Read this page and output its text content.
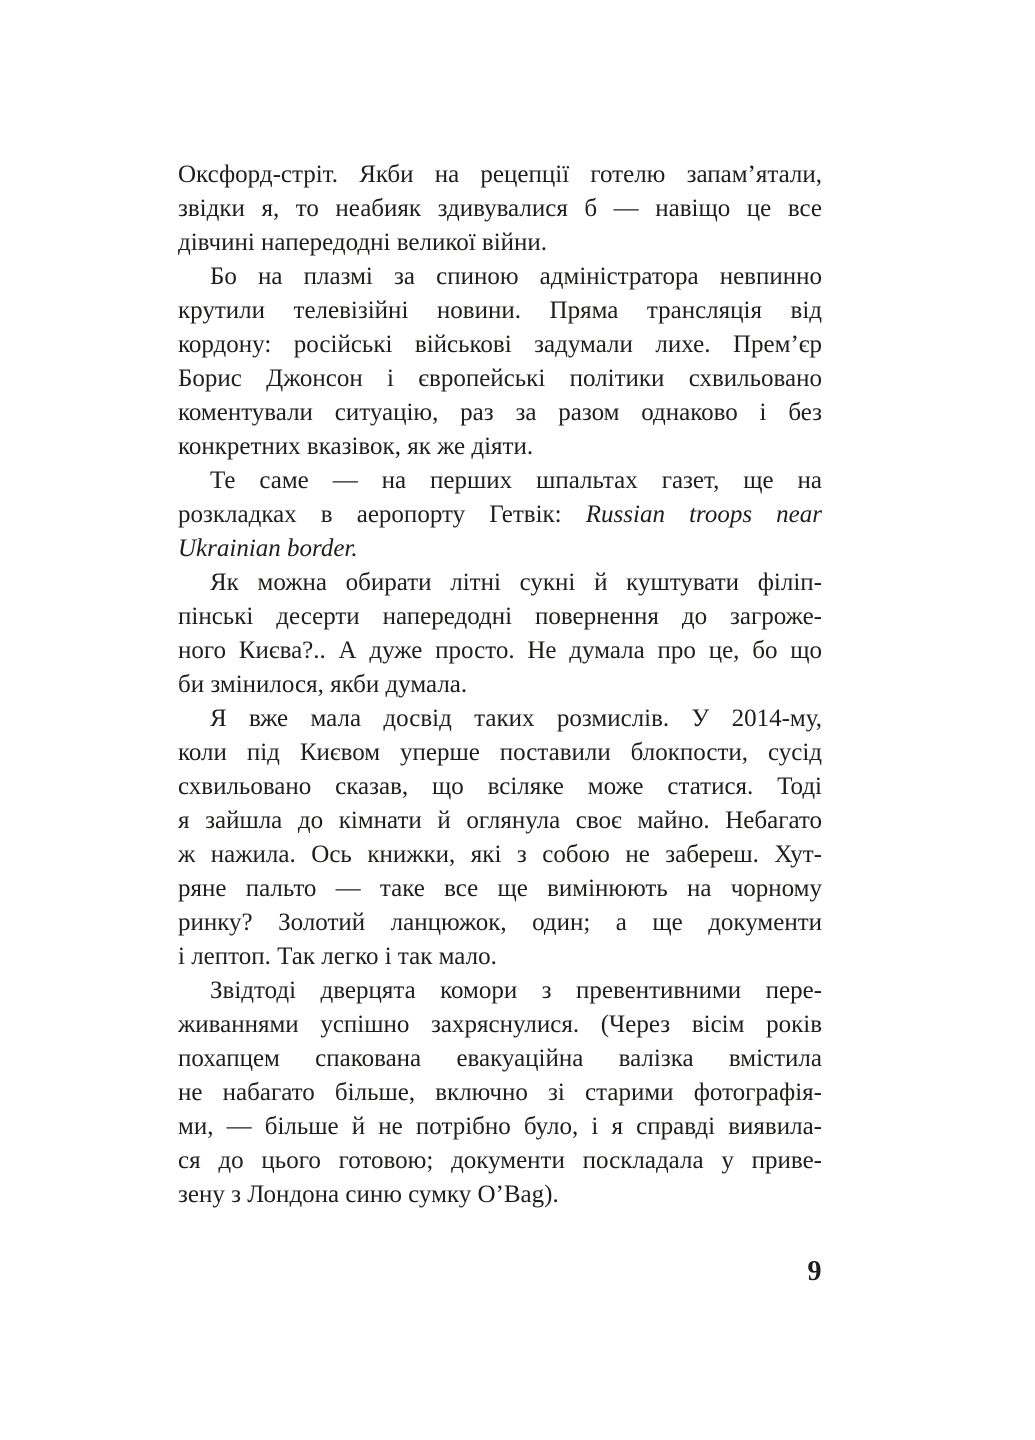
Оксфорд-стріт. Якби на рецепції готелю запам’ятали,
звідки я, то неабияк здивувалися б — навіщо це все
дівчині напередодні великої війни.
Бо на плазмі за спиною адміністратора невпинно
крутили телевізійні новини. Пряма трансляція від
кордону: російські військові задумали лихе. Прем’єр
Борис Джонсон і європейські політики схвильовано
коментували ситуацію, раз за разом однаково і без
конкретних вказівок, як же діяти.
Те саме — на перших шпальтах газет, ще на
розкладках в аеропорту Гетвік: Russian troops near
Ukrainian border.
Як можна обирати літні сукні й куштувати філіп-
пінські десерти напередодні повернення до загроже-
ного Києва?.. А дуже просто. Не думала про це, бо що
би змінилося, якби думала.
Я вже мала досвід таких розмислів. У 2014-му,
коли під Києвом уперше поставили блокпости, сусід
схвильовано сказав, що всіляке може статися. Тоді
я зайшла до кімнати й оглянула своє майно. Небагато
ж нажила. Ось книжки, які з собою не забереш. Хут-
ряне пальто — таке все ще вимінюють на чорному
ринку? Золотий ланцюжок, один; а ще документи
і лептоп. Так легко і так мало.
Звідтоді дверцята комори з превентивними пере-
живаннями успішно захряснулися. (Через вісім років
похапцем спакована евакуаційна валізка вмістила
не набагато більше, включно зі старими фотографія-
ми, — більше й не потрібно було, і я справді виявила-
ся до цього готовою; документи поскладала у приве-
зену з Лондона синю сумку O’Bag).
9
